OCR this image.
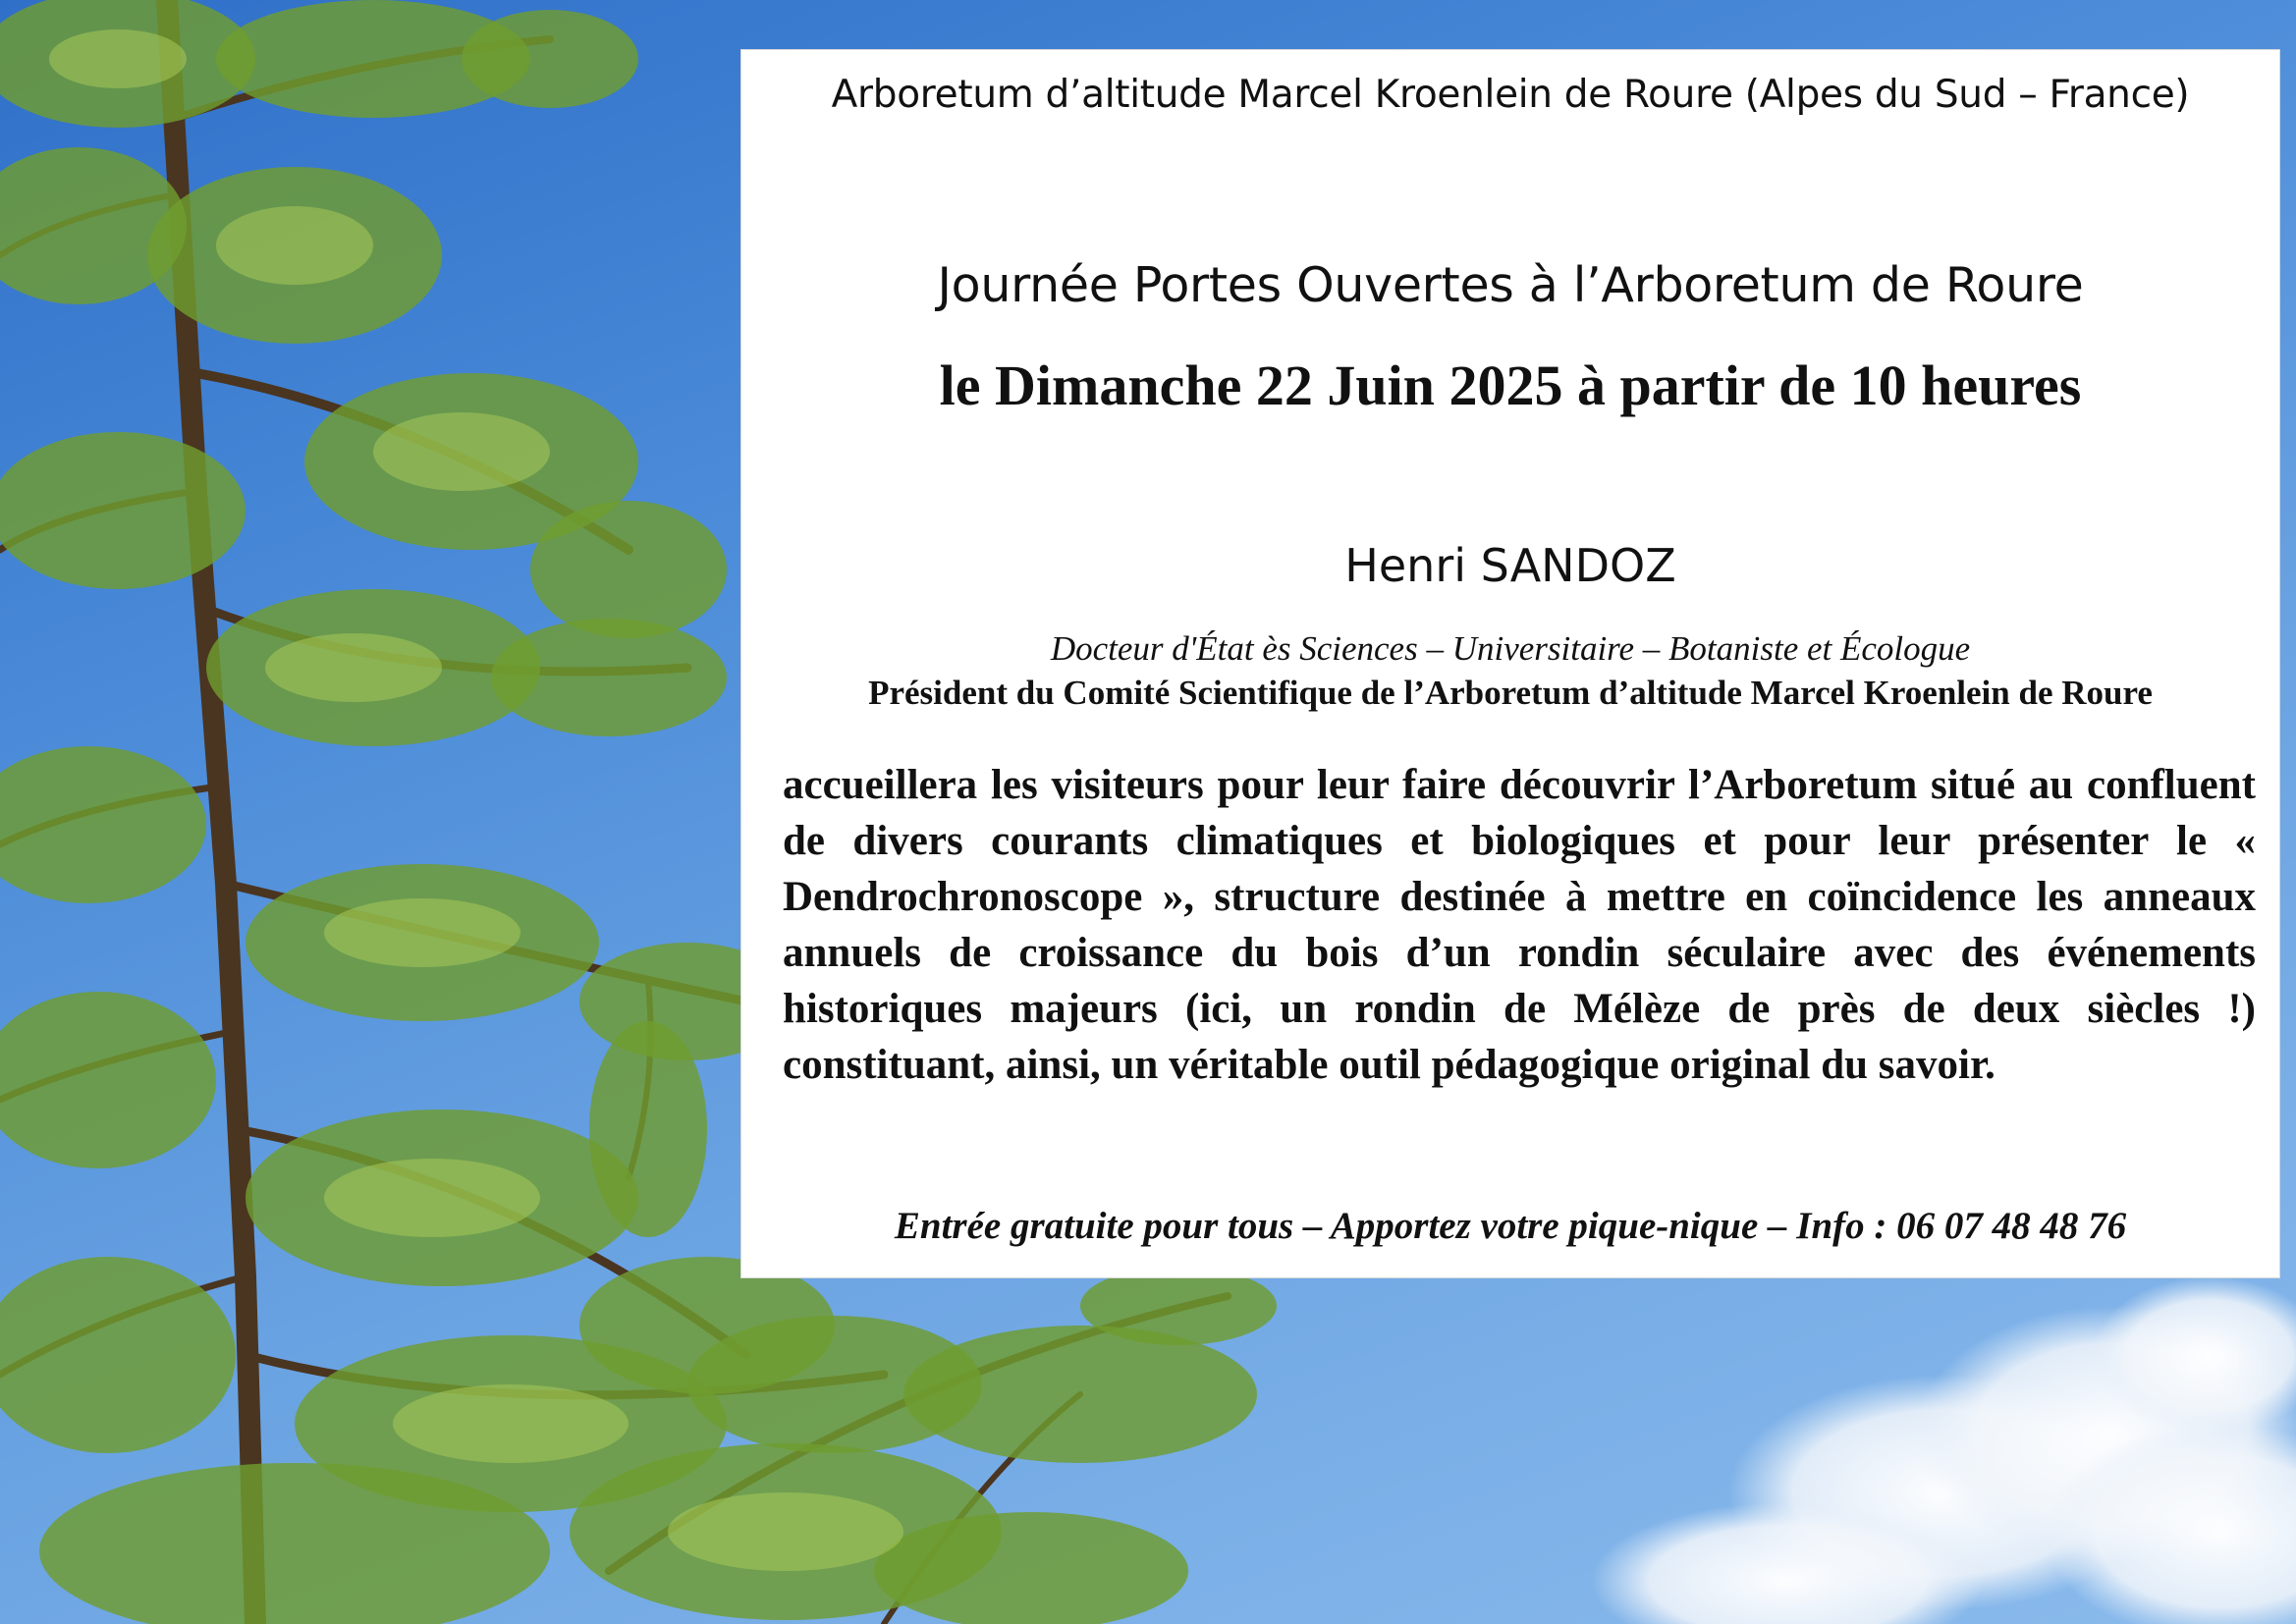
Arboretum d’altitude Marcel Kroenlein de Roure (Alpes du Sud – France)
Journée Portes Ouvertes à l’Arboretum de Roure
le Dimanche 22 Juin 2025 à partir de 10 heures
Henri SANDOZ
Docteur d'État ès Sciences – Universitaire – Botaniste et Écologue
Président du Comité Scientifique de l’Arboretum d’altitude Marcel Kroenlein de Roure
accueillera les visiteurs pour leur faire découvrir l’Arboretum situé au confluent de divers courants climatiques et biologiques et pour leur présenter le « Dendrochronoscope », structure destinée à mettre en coïncidence les anneaux annuels de croissance du bois d’un rondin séculaire avec des événements historiques majeurs (ici, un rondin de Mélèze de près de deux siècles !) constituant, ainsi, un véritable outil pédagogique original du savoir.
Entrée gratuite pour tous – Apportez votre pique-nique – Info : 06 07 48 48 76
